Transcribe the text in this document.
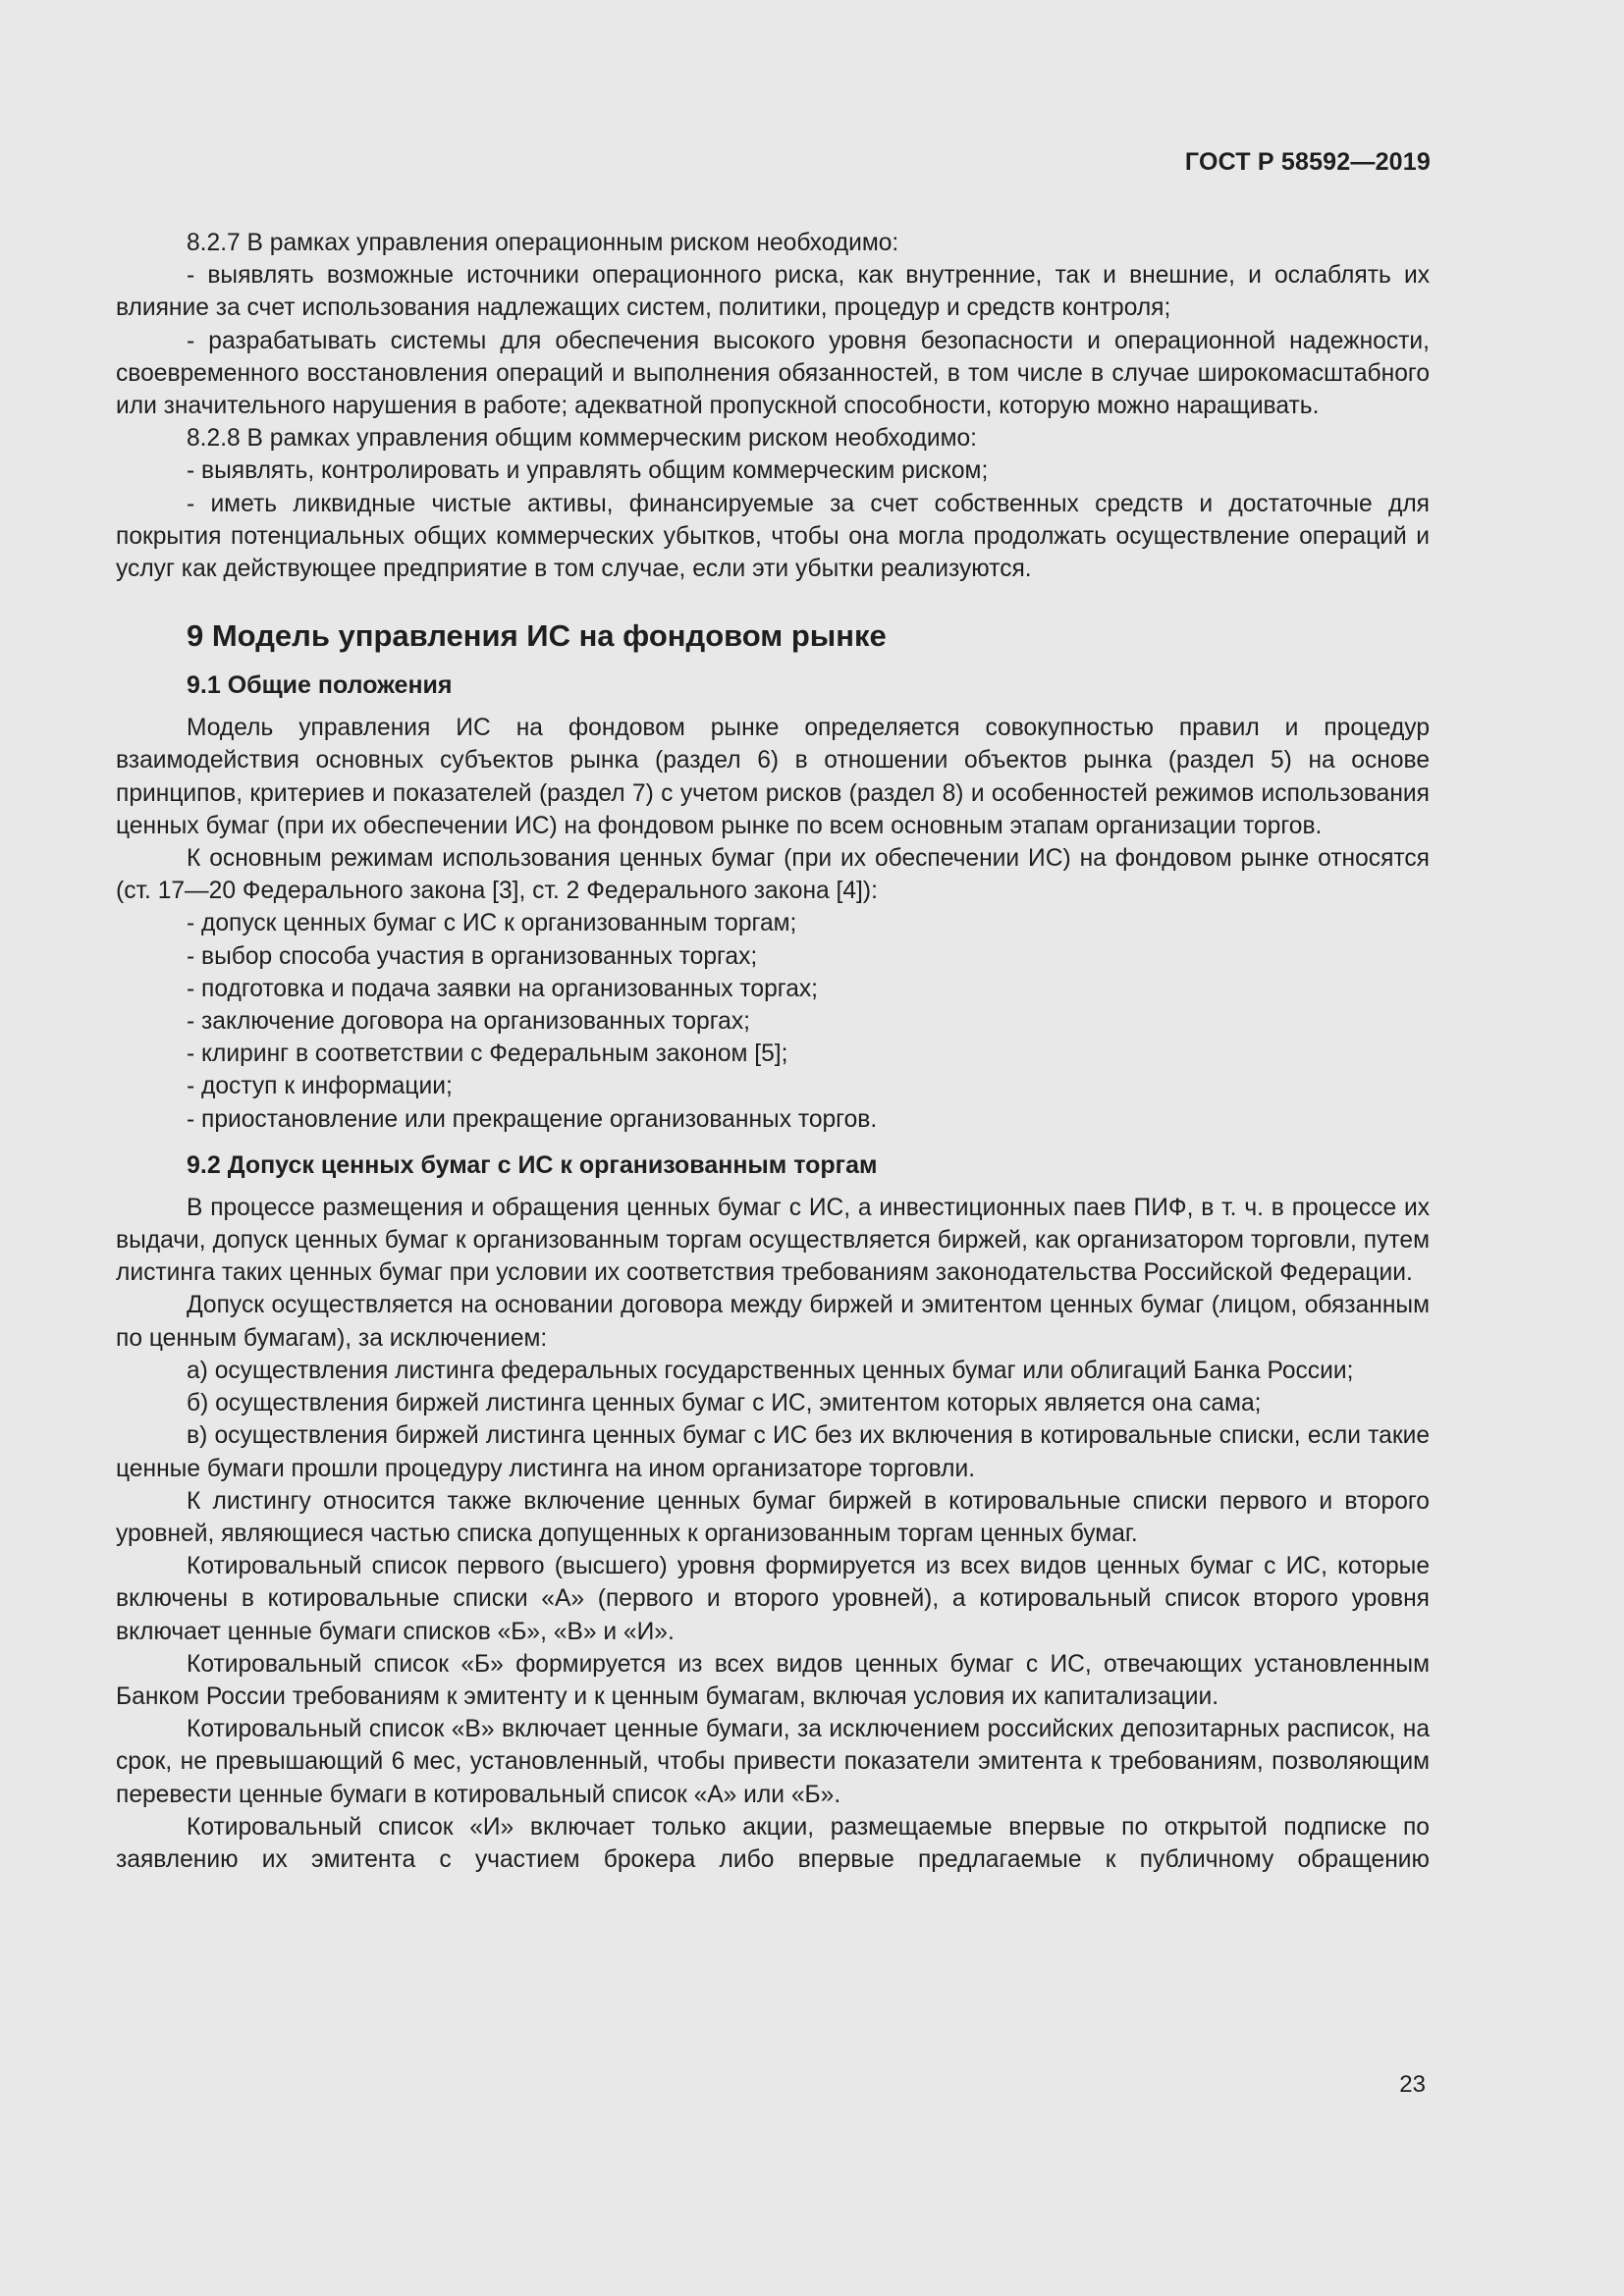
ГОСТ Р 58592—2019

8.2.7 В рамках управления операционным риском необходимо:

- выявлять возможные источники операционного риска, как внутренние, так и внешние, и ослаблять их влияние за счет использования надлежащих систем, политики, процедур и средств контроля;

- разрабатывать системы для обеспечения высокого уровня безопасности и операционной надежности, своевременного восстановления операций и выполнения обязанностей, в том числе в случае широкомасштабного или значительного нарушения в работе; адекватной пропускной способности, которую можно наращивать.

8.2.8 В рамках управления общим коммерческим риском необходимо:

- выявлять, контролировать и управлять общим коммерческим риском;

- иметь ликвидные чистые активы, финансируемые за счет собственных средств и достаточные для покрытия потенциальных общих коммерческих убытков, чтобы она могла продолжать осуществление операций и услуг как действующее предприятие в том случае, если эти убытки реализуются.

9 Модель управления ИС на фондовом рынке
9.1 Общие положения

Модель управления ИС на фондовом рынке определяется совокупностью правил и процедур взаимодействия основных субъектов рынка (раздел 6) в отношении объектов рынка (раздел 5) на основе принципов, критериев и показателей (раздел 7) с учетом рисков (раздел 8) и особенностей режимов использования ценных бумаг (при их обеспечении ИС) на фондовом рынке по всем основным этапам организации торгов.

К основным режимам использования ценных бумаг (при их обеспечении ИС) на фондовом рынке относятся (ст. 17—20 Федерального закона [3], ст. 2 Федерального закона [4]):

- допуск ценных бумаг с ИС к организованным торгам;

- выбор способа участия в организованных торгах;

- подготовка и подача заявки на организованных торгах;

- заключение договора на организованных торгах;

- клиринг в соответствии с Федеральным законом [5];

- доступ к информации;

- приостановление или прекращение организованных торгов.

9.2 Допуск ценных бумаг с ИС к организованным торгам

В процессе размещения и обращения ценных бумаг с ИС, а инвестиционных паев ПИФ, в т. ч. в процессе их выдачи, допуск ценных бумаг к организованным торгам осуществляется биржей, как организатором торговли, путем листинга таких ценных бумаг при условии их соответствия требованиям законодательства Российской Федерации.

Допуск осуществляется на основании договора между биржей и эмитентом ценных бумаг (лицом, обязанным по ценным бумагам), за исключением:

а) осуществления листинга федеральных государственных ценных бумаг или облигаций Банка России;

б) осуществления биржей листинга ценных бумаг с ИС, эмитентом которых является она сама;

в) осуществления биржей листинга ценных бумаг с ИС без их включения в котировальные списки, если такие ценные бумаги прошли процедуру листинга на ином организаторе торговли.

К листингу относится также включение ценных бумаг биржей в котировальные списки первого и второго уровней, являющиеся частью списка допущенных к организованным торгам ценных бумаг.

Котировальный список первого (высшего) уровня формируется из всех видов ценных бумаг с ИС, которые включены в котировальные списки «А» (первого и второго уровней), а котировальный список второго уровня включает ценные бумаги списков «Б», «В» и «И».

Котировальный список «Б» формируется из всех видов ценных бумаг с ИС, отвечающих установленным Банком России требованиям к эмитенту и к ценным бумагам, включая условия их капитализации.

Котировальный список «В» включает ценные бумаги, за исключением российских депозитарных расписок, на срок, не превышающий 6 мес, установленный, чтобы привести показатели эмитента к требованиям, позволяющим перевести ценные бумаги в котировальный список «А» или «Б».

Котировальный список «И» включает только акции, размещаемые впервые по открытой подписке по заявлению их эмитента с участием брокера либо впервые предлагаемые к публичному обращению

23
